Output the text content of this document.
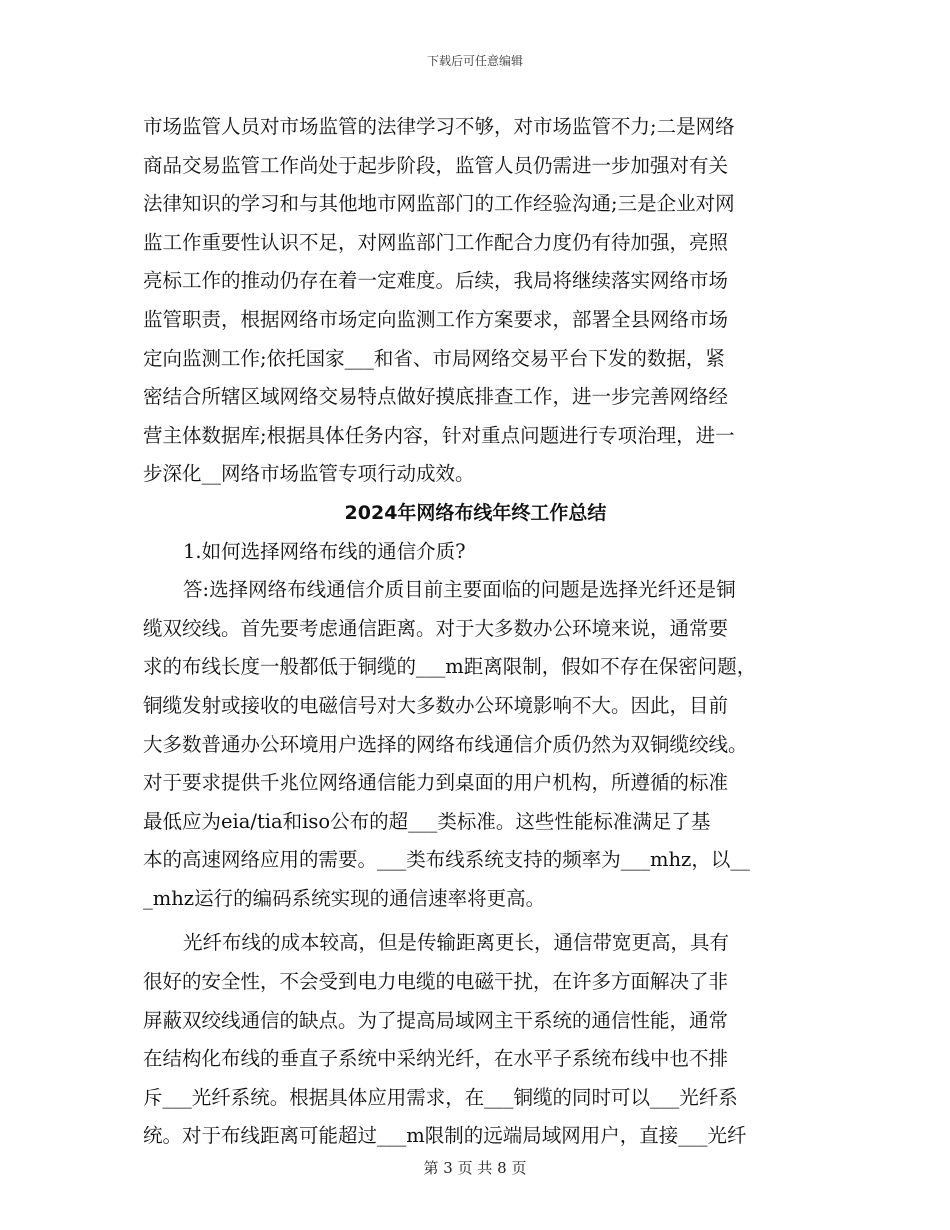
下载后可任意编辑
市场监管人员对市场监管的法律学习不够，对市场监管不力;二是网络
商品交易监管工作尚处于起步阶段，监管人员仍需进一步加强对有关
法律知识的学习和与其他地市网监部门的工作经验沟通;三是企业对网
监工作重要性认识不足，对网监部门工作配合力度仍有待加强，亮照
亮标工作的推动仍存在着一定难度。后续，我局将继续落实网络市场
监管职责，根据网络市场定向监测工作方案要求，部署全县网络市场
定向监测工作;依托国家___和省、市局网络交易平台下发的数据，紧
密结合所辖区域网络交易特点做好摸底排查工作，进一步完善网络经
营主体数据库;根据具体任务内容，针对重点问题进行专项治理，进一
步深化__网络市场监管专项行动成效。
2024年网络布线年终工作总结
1.如何选择网络布线的通信介质?
答:选择网络布线通信介质目前主要面临的问题是选择光纤还是铜
缆双绞线。首先要考虑通信距离。对于大多数办公环境来说，通常要
求的布线长度一般都低于铜缆的___m距离限制，假如不存在保密问题，
铜缆发射或接收的电磁信号对大多数办公环境影响不大。因此，目前
大多数普通办公环境用户选择的网络布线通信介质仍然为双铜缆绞线。
对于要求提供千兆位网络通信能力到桌面的用户机构，所遵循的标准
最低应为eia/tia和iso公布的超___类标准。这些性能标准满足了基
本的高速网络应用的需要。___类布线系统支持的频率为___mhz，以__
_mhz运行的编码系统实现的通信速率将更高。
光纤布线的成本较高，但是传输距离更长，通信带宽更高，具有
很好的安全性，不会受到电力电缆的电磁干扰，在许多方面解决了非
屏蔽双绞线通信的缺点。为了提高局域网主干系统的通信性能，通常
在结构化布线的垂直子系统中采纳光纤，在水平子系统布线中也不排
斥___光纤系统。根据具体应用需求，在___铜缆的同时可以___光纤系
统。对于布线距离可能超过___m限制的远端局域网用户，直接___光纤
第 3 页 共 8 页
